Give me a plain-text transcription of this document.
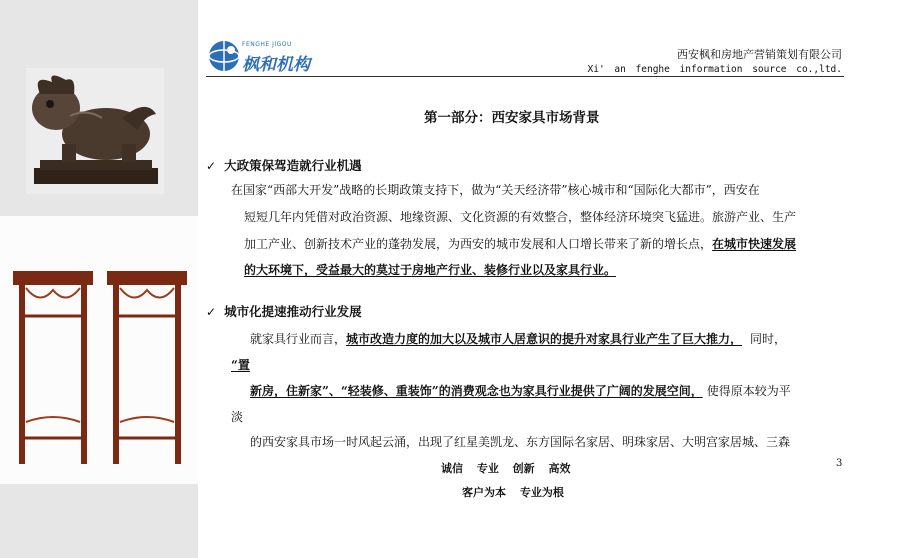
FENGHE JIGOU
枫和机构
西安枫和房地产营销策划有限公司
Xi' an fenghe information source co.,ltd.
第一部分：西安家具市场背景
✓ 大政策保驾造就行业机遇
在国家“西部大开发”战略的长期政策支持下，做为“关天经济带”核心城市和“国际化大都市”，西安在
短短几年内凭借对政治资源、地缘资源、文化资源的有效整合，整体经济环境突飞猛进。旅游产业、生产
加工产业、创新技术产业的蓬勃发展，为西安的城市发展和人口增长带来了新的增长点，在城市快速发展
的大环境下，受益最大的莫过于房地产行业、装修行业以及家具行业。
✓ 城市化提速推动行业发展
就家具行业而言，城市改造力度的加大以及城市人居意识的提升对家具行业产生了巨大推力， 同时，
“置
新房，住新家”、“轻装修、重装饰”的消费观念也为家具行业提供了广阔的发展空间， 使得原本较为平
淡
的西安家具市场一时风起云涌，出现了红星美凯龙、东方国际名家居、明珠家居、大明宫家居城、三森
诚信 专业 创新 高效
客户为本 专业为根
3
